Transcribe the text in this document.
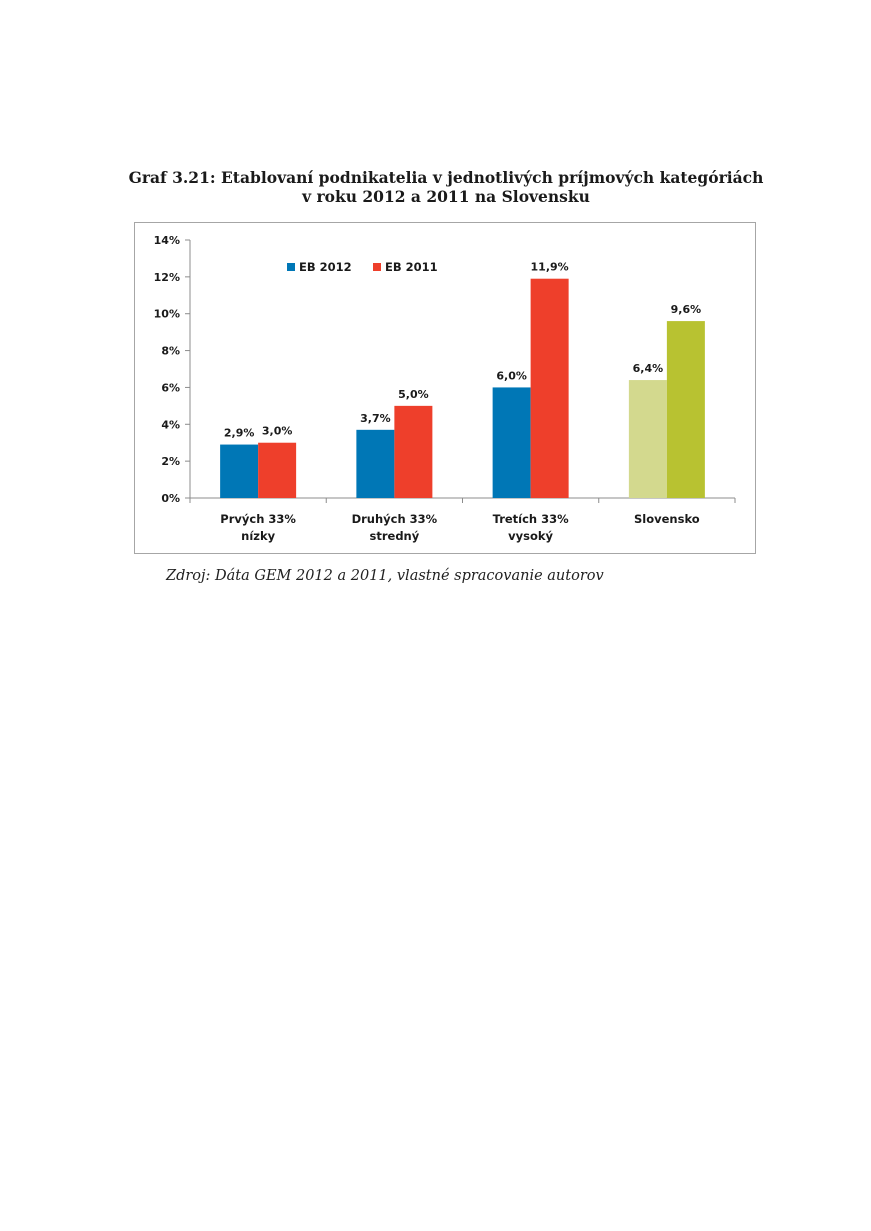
Graf 3.21: Etablovaní podnikatelia v jednotlivých príjmových kategóriách
v roku 2012 a 2011 na Slovensku
0%
2%
4%
6%
8%
10%
12%
14%
2,9% 3,0%
Prvých 33%
nízky
3,7%
5,0%
Druhých 33%
stredný
6,0%
11,9%
Tretích 33%
vysoký
6,4%
9,6%
Slovensko
EB 2012	EB 2011
Zdroj: Dáta GEM 2012 a 2011, vlastné spracovanie autorov
